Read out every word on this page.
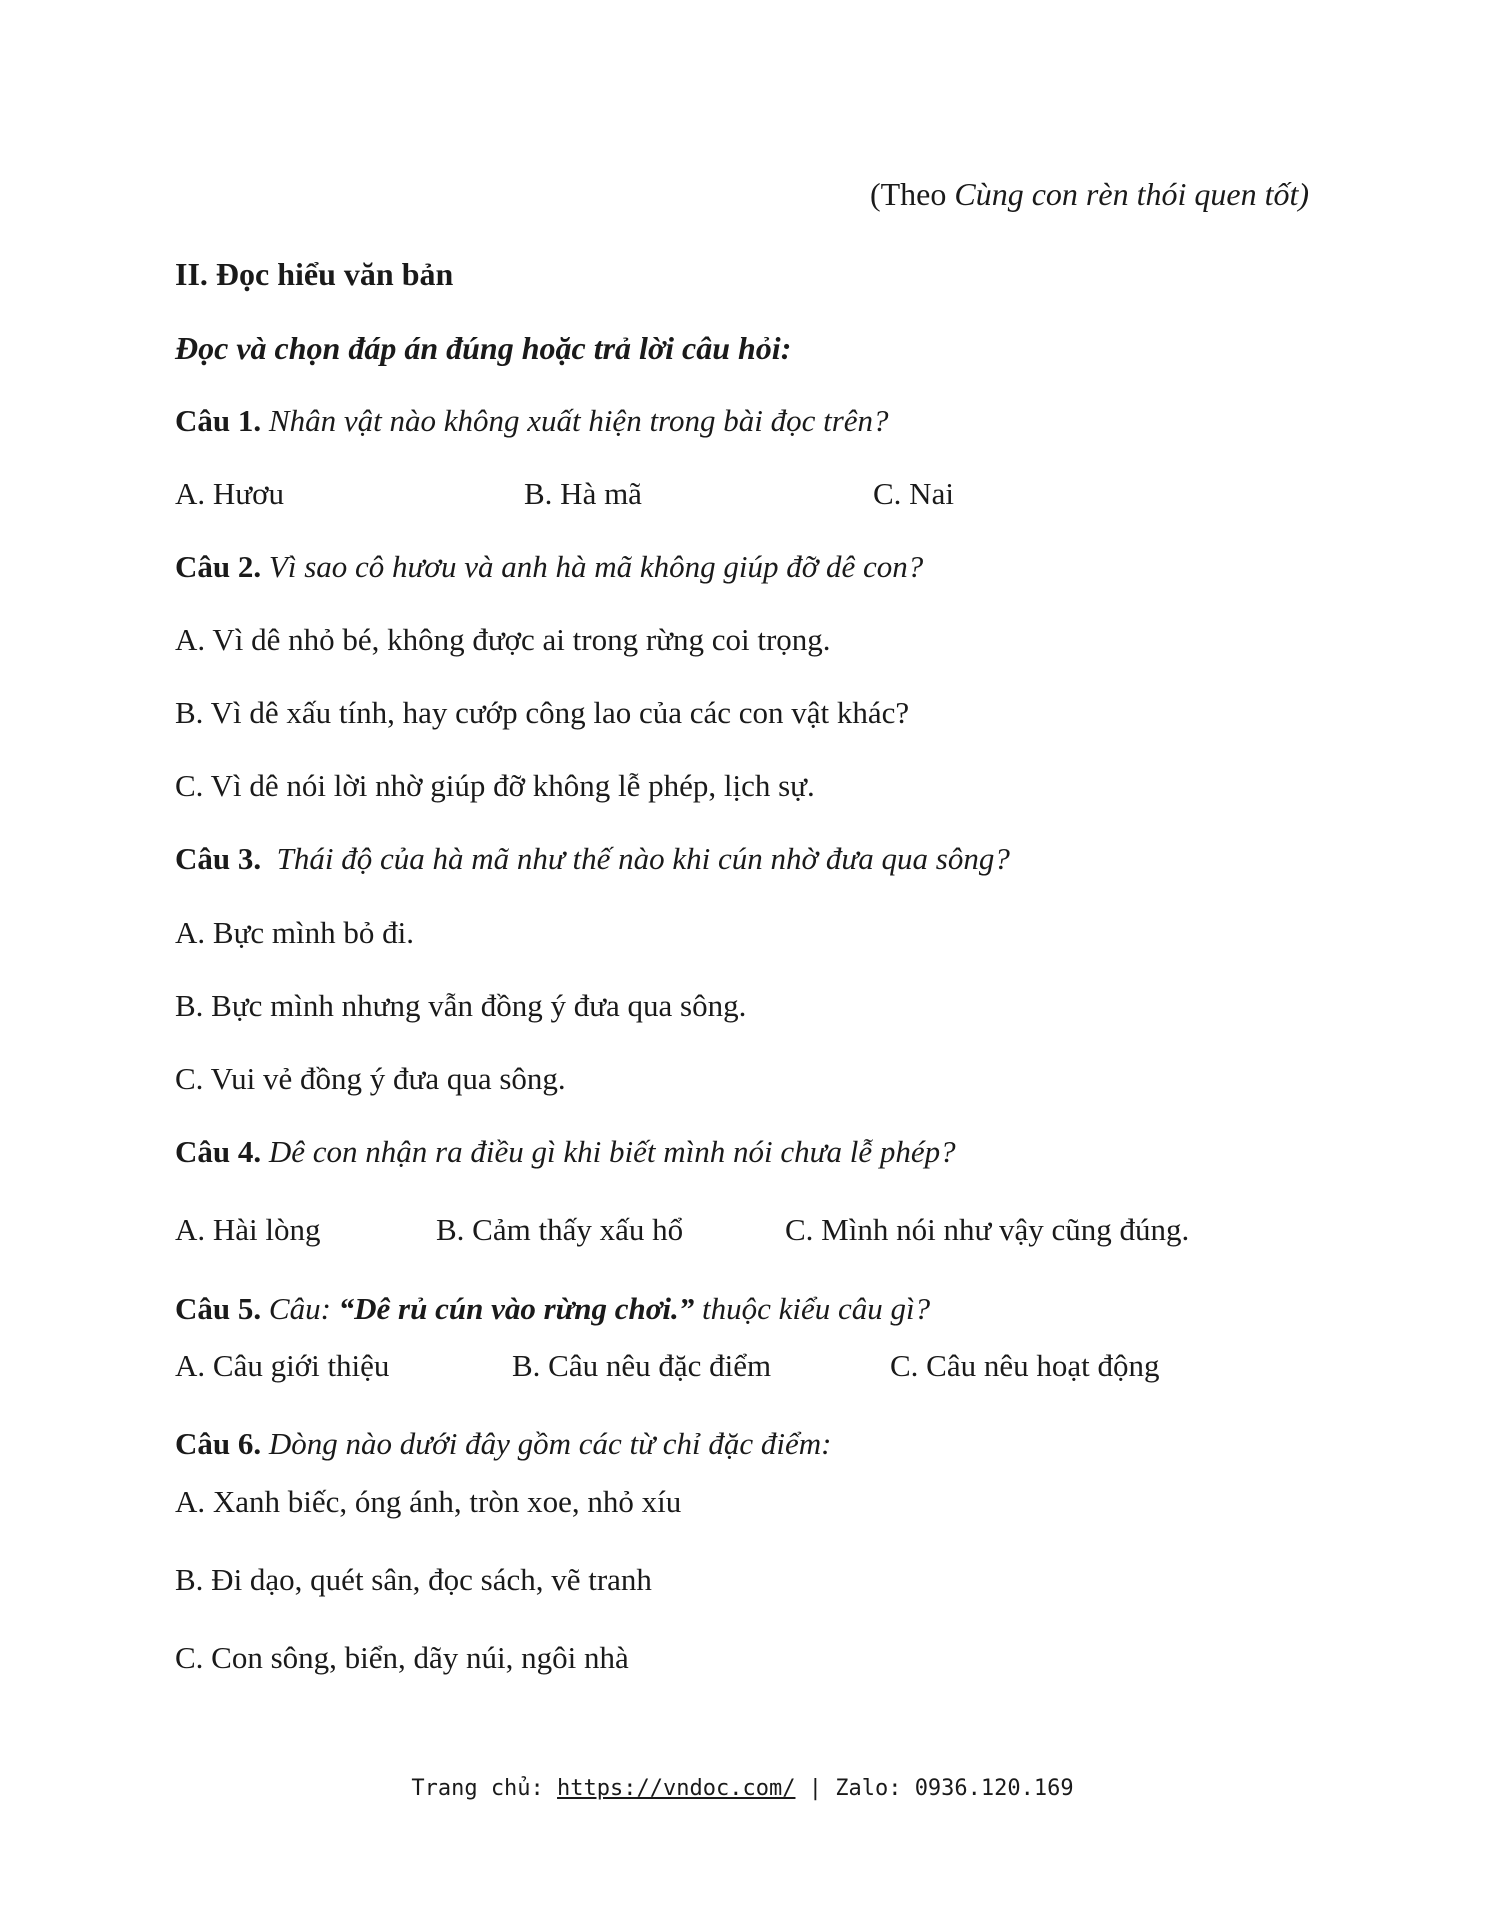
(Theo Cùng con rèn thói quen tốt)
II. Đọc hiểu văn bản
Đọc và chọn đáp án đúng hoặc trả lời câu hỏi:
Câu 1. Nhân vật nào không xuất hiện trong bài đọc trên?
A. Hươu	B. Hà mã	C. Nai
Câu 2. Vì sao cô hươu và anh hà mã không giúp đỡ dê con?
A. Vì dê nhỏ bé, không được ai trong rừng coi trọng.
B. Vì dê xấu tính, hay cướp công lao của các con vật khác?
C. Vì dê nói lời nhờ giúp đỡ không lễ phép, lịch sự.
Câu 3. Thái độ của hà mã như thế nào khi cún nhờ đưa qua sông?
A. Bực mình bỏ đi.
B. Bực mình nhưng vẫn đồng ý đưa qua sông.
C. Vui vẻ đồng ý đưa qua sông.
Câu 4. Dê con nhận ra điều gì khi biết mình nói chưa lễ phép?
A. Hài lòng	B. Cảm thấy xấu hổ	C. Mình nói như vậy cũng đúng.
Câu 5. Câu: “Dê rủ cún vào rừng chơi.” thuộc kiểu câu gì?
A. Câu giới thiệu	B. Câu nêu đặc điểm	C. Câu nêu hoạt động
Câu 6. Dòng nào dưới đây gồm các từ chỉ đặc điểm:
A. Xanh biếc, óng ánh, tròn xoe, nhỏ xíu
B. Đi dạo, quét sân, đọc sách, vẽ tranh
C. Con sông, biển, dãy núi, ngôi nhà
Trang chủ: https://vndoc.com/ | Zalo: 0936.120.169
